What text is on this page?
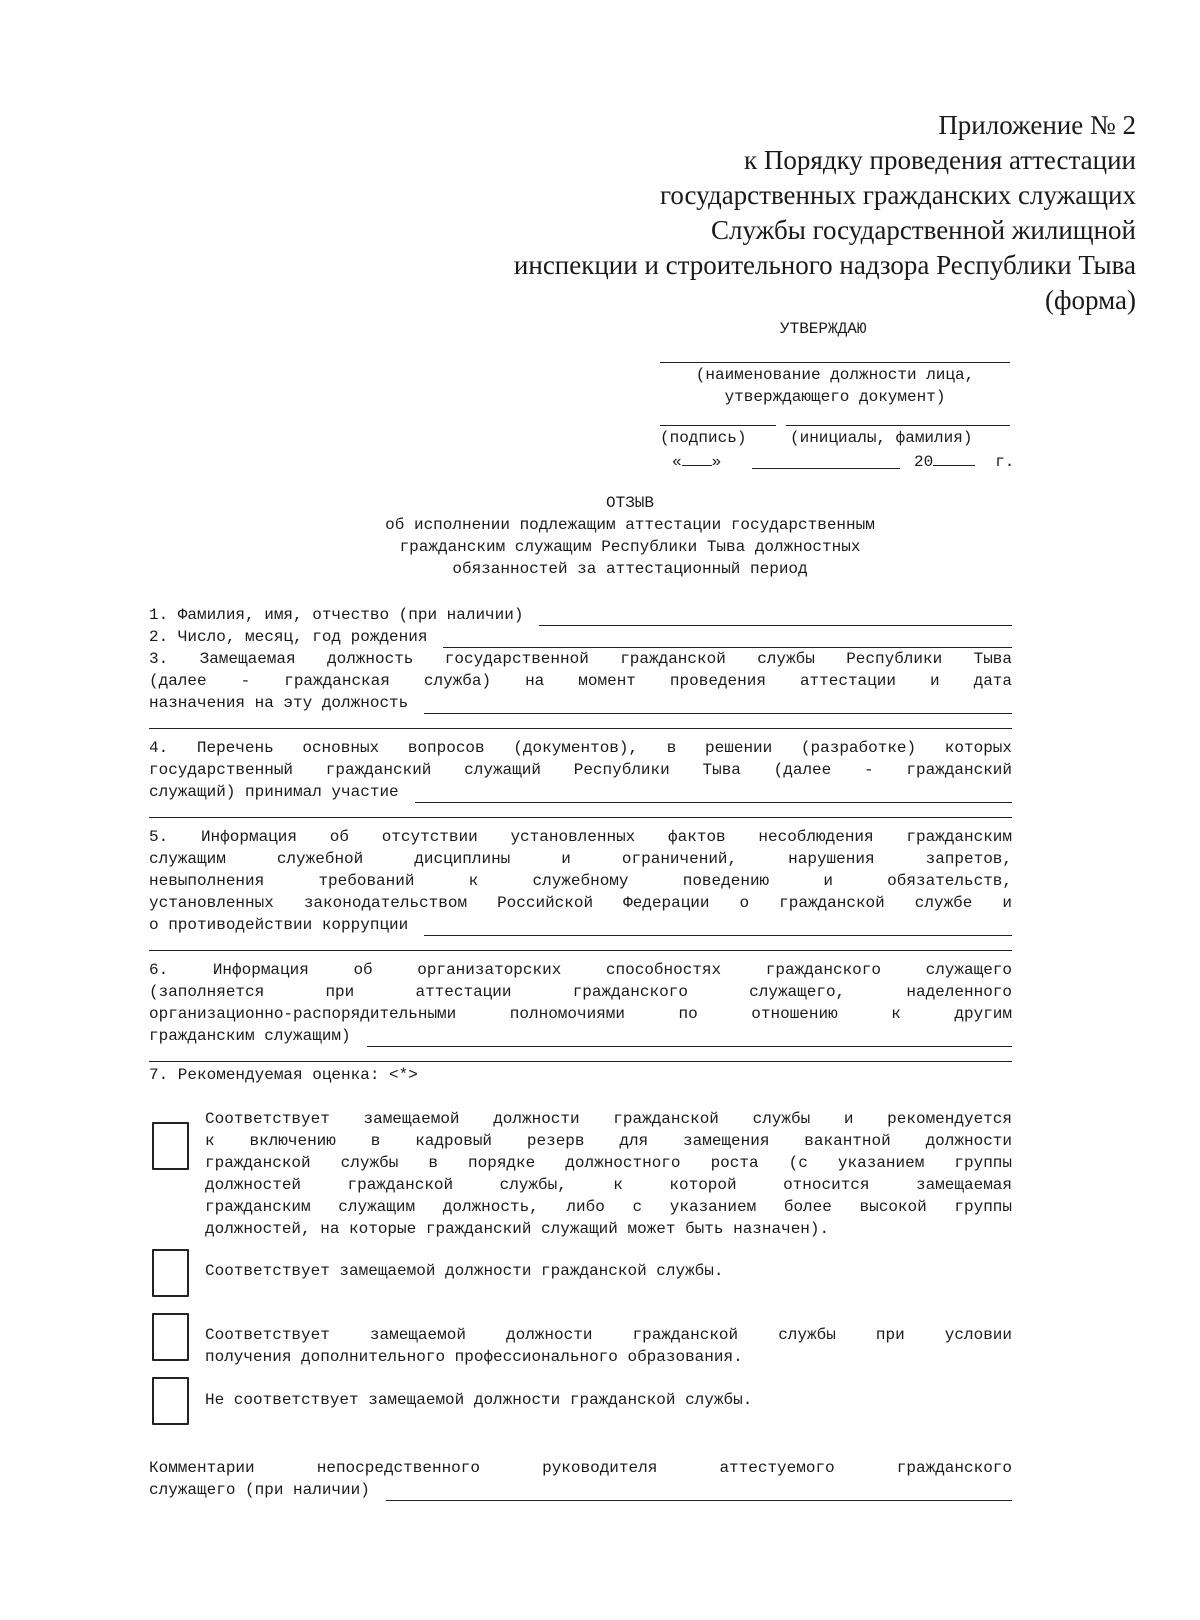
Приложение № 2
к Порядку проведения аттестации
государственных гражданских служащих
Службы государственной жилищной
инспекции и строительного надзора Республики Тыва
(форма)
УТВЕРЖДАЮ
(наименование должности лица,
утверждающего документ)
(подпись)	(инициалы, фамилия)
« »	20	г.
ОТЗЫВ
об исполнении подлежащим аттестации государственным
гражданским служащим Республики Тыва должностных
обязанностей за аттестационный период
1. Фамилия, имя, отчество (при наличии)
2. Число, месяц, год рождения
3. Замещаемая должность государственной гражданской службы Республики Тыва
(далее - гражданская служба) на момент проведения аттестации и дата
назначения на эту должность
4. Перечень основных вопросов (документов), в решении (разработке) которых
государственный гражданский служащий Республики Тыва (далее - гражданский
служащий) принимал участие
5. Информация об отсутствии установленных фактов несоблюдения гражданским
служащим служебной дисциплины и ограничений, нарушения запретов,
невыполнения требований к служебному поведению и обязательств,
установленных законодательством Российской Федерации о гражданской службе и
о противодействии коррупции
6. Информация об организаторских способностях гражданского служащего
(заполняется при аттестации гражданского служащего, наделенного
организационно-распорядительными полномочиями по отношению к другим
гражданским служащим)
7. Рекомендуемая оценка: <*>
Соответствует замещаемой должности гражданской службы и рекомендуется
к включению в кадровый резерв для замещения вакантной должности
гражданской службы в порядке должностного роста (с указанием группы
должностей гражданской службы, к которой относится замещаемая
гражданским служащим должность, либо с указанием более высокой группы
должностей, на которые гражданский служащий может быть назначен).
Соответствует замещаемой должности гражданской службы.
Соответствует замещаемой должности гражданской службы при условии
получения дополнительного профессионального образования.
Не соответствует замещаемой должности гражданской службы.
Комментарии непосредственного руководителя аттестуемого гражданского
служащего (при наличии)
